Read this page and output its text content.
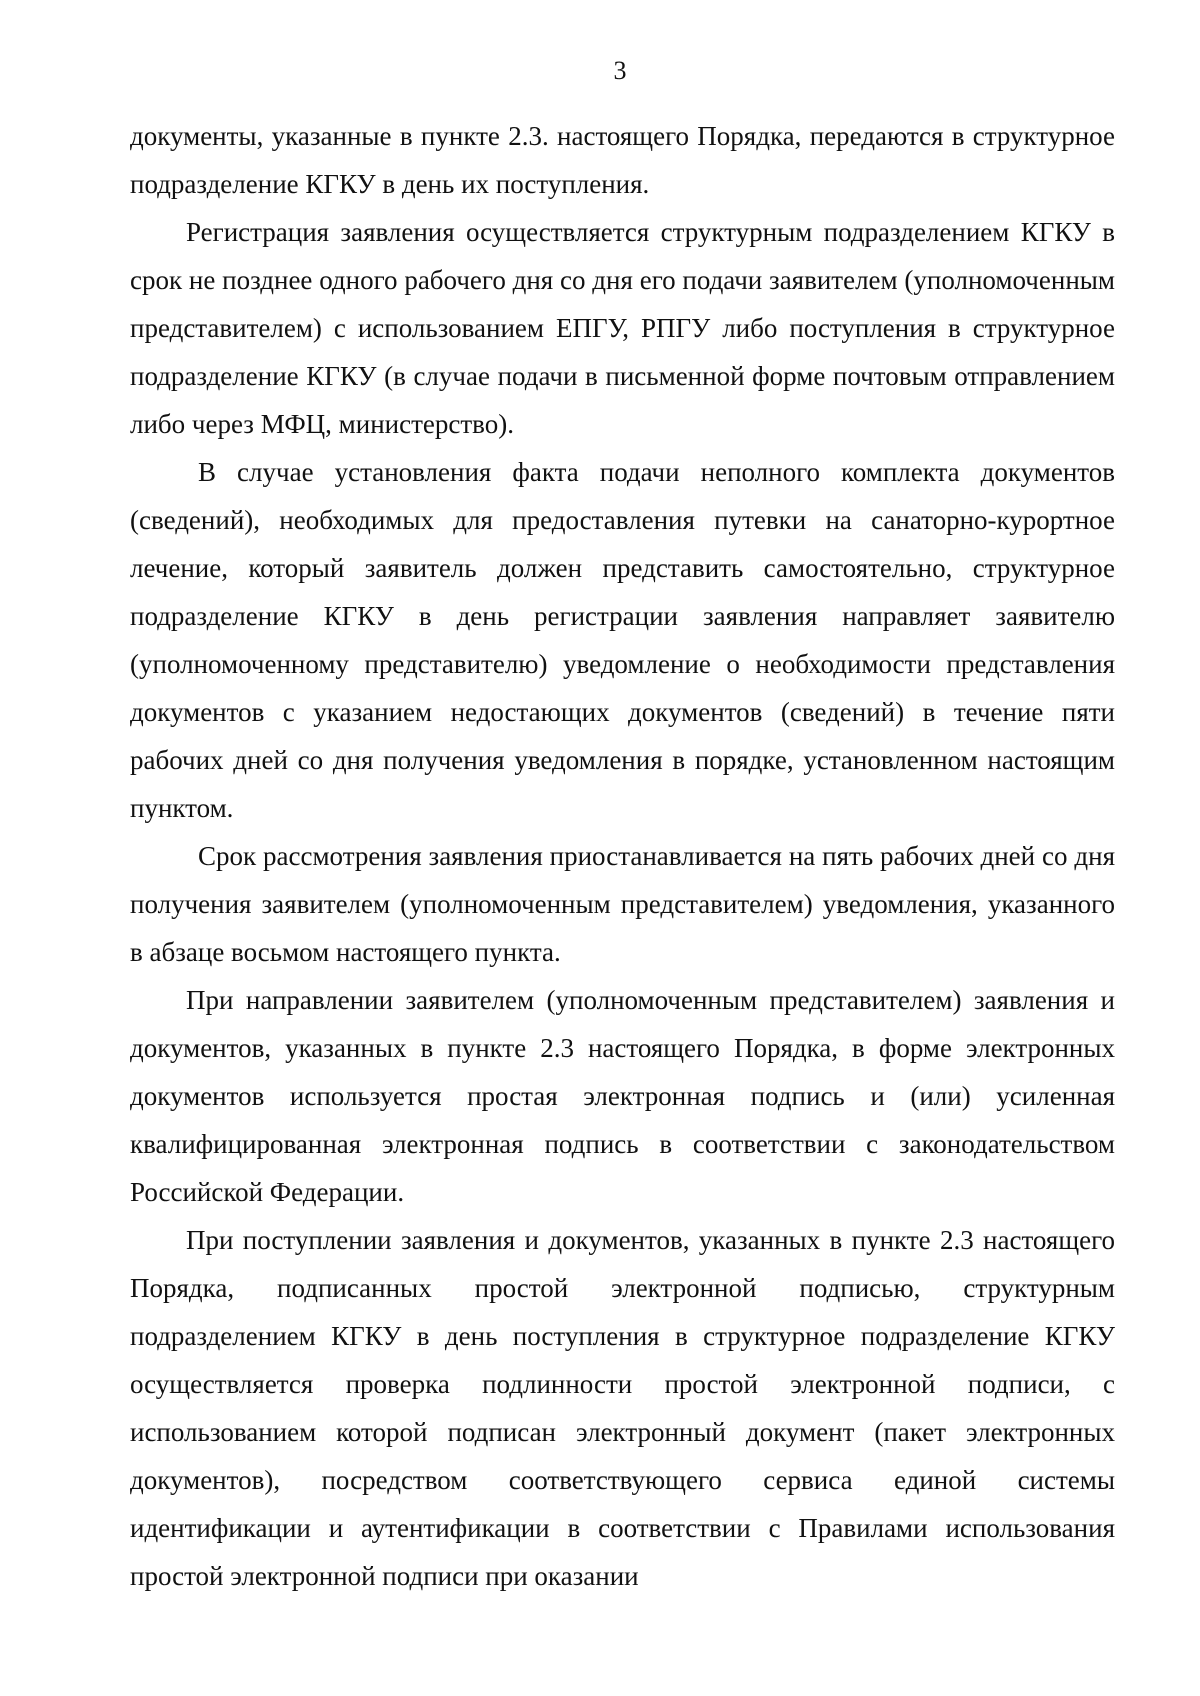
3

документы, указанные в пункте 2.3. настоящего Порядка, передаются в структурное подразделение КГКУ в день их поступления.

Регистрация заявления осуществляется структурным подразделением КГКУ в срок не позднее одного рабочего дня со дня его подачи заявителем (уполномоченным представителем) с использованием ЕПГУ, РПГУ либо поступления в структурное подразделение КГКУ (в случае подачи в письменной форме почтовым отправлением либо через МФЦ, министерство).

В случае установления факта подачи неполного комплекта документов (сведений), необходимых для предоставления путевки на санаторно-курортное лечение, который заявитель должен представить самостоятельно, структурное подразделение КГКУ в день регистрации заявления направляет заявителю (уполномоченному представителю) уведомление о необходимости представления документов с указанием недостающих документов (сведений) в течение пяти рабочих дней со дня получения уведомления в порядке, установленном настоящим пунктом.

Срок рассмотрения заявления приостанавливается на пять рабочих дней со дня получения заявителем (уполномоченным представителем) уведомления, указанного в абзаце восьмом настоящего пункта.

При направлении заявителем (уполномоченным представителем) заявления и документов, указанных в пункте 2.3 настоящего Порядка, в форме электронных документов используется простая электронная подпись и (или) усиленная квалифицированная электронная подпись в соответствии с законодательством Российской Федерации.

При поступлении заявления и документов, указанных в пункте 2.3 настоящего Порядка, подписанных простой электронной подписью, структурным подразделением КГКУ в день поступления в структурное подразделение КГКУ осуществляется проверка подлинности простой электронной подписи, с использованием которой подписан электронный документ (пакет электронных документов), посредством соответствующего сервиса единой системы идентификации и аутентификации в соответствии с Правилами использования простой электронной подписи при оказании
